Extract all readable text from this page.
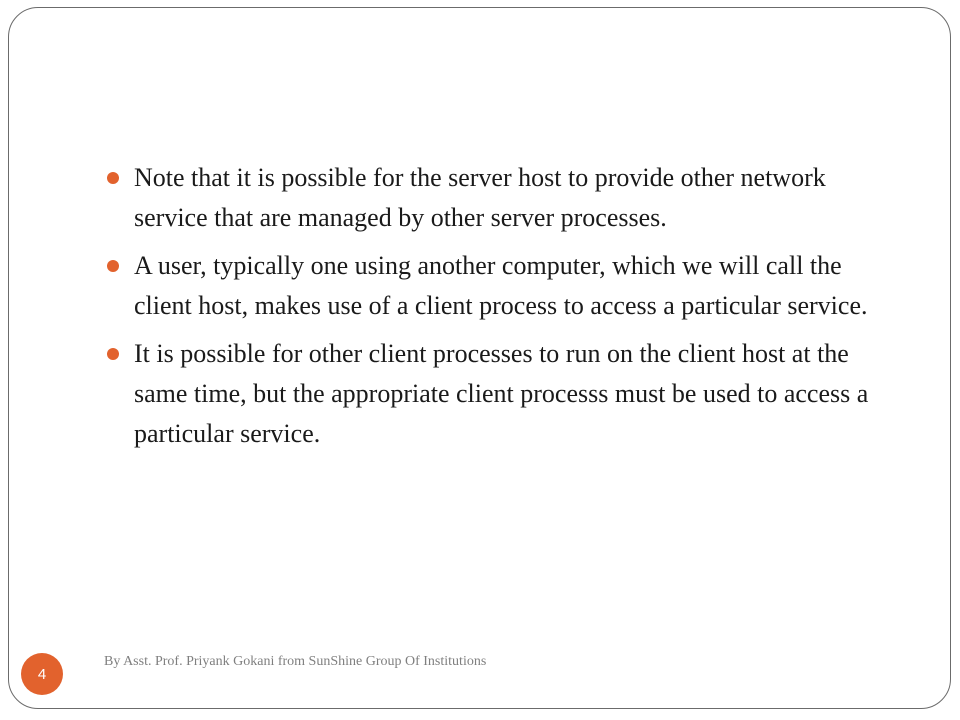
Note that it is possible for the server host to provide other network service that are managed by other server processes.
A user, typically one using another computer, which we will call the client host, makes use of a client process to access a particular service.
It is possible for other client processes to run on the client host at the same time, but the appropriate client processs must be used to access a particular service.
4
By Asst. Prof. Priyank Gokani from SunShine Group Of Institutions
